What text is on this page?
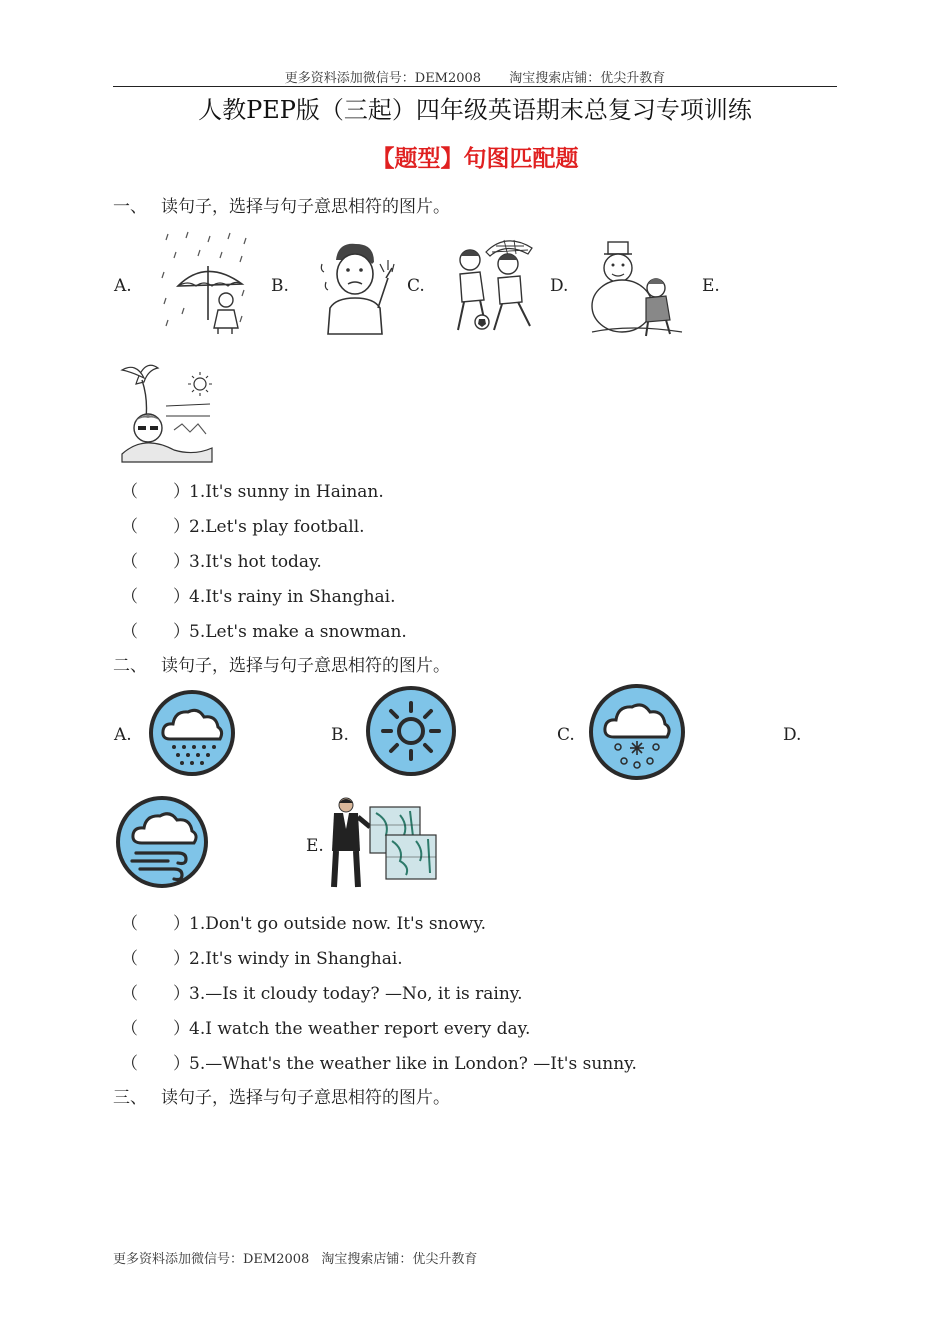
更多资料添加微信号：DEM2008 淘宝搜索店铺：优尖升教育
人教PEP版（三起）四年级英语期末总复习专项训练
【题型】句图匹配题
一、 读句子，选择与句子意思相符的图片。
A.	B.	C.	D.	E.
（ ）1.It's sunny in Hainan.
（ ）2.Let's play football.
（ ）3.It's hot today.
（ ）4.It's rainy in Shanghai.
（ ）5.Let's make a snowman.
二、 读句子，选择与句子意思相符的图片。
A.	B.	C.	D.
E.
（ ）1.Don't go outside now. It's snowy.
（ ）2.It's windy in Shanghai.
（ ）3.—Is it cloudy today? —No, it is rainy.
（ ）4.I watch the weather report every day.
（ ）5.—What's the weather like in London? —It's sunny.
三、 读句子，选择与句子意思相符的图片。
更多资料添加微信号：DEM2008 淘宝搜索店铺：优尖升教育
